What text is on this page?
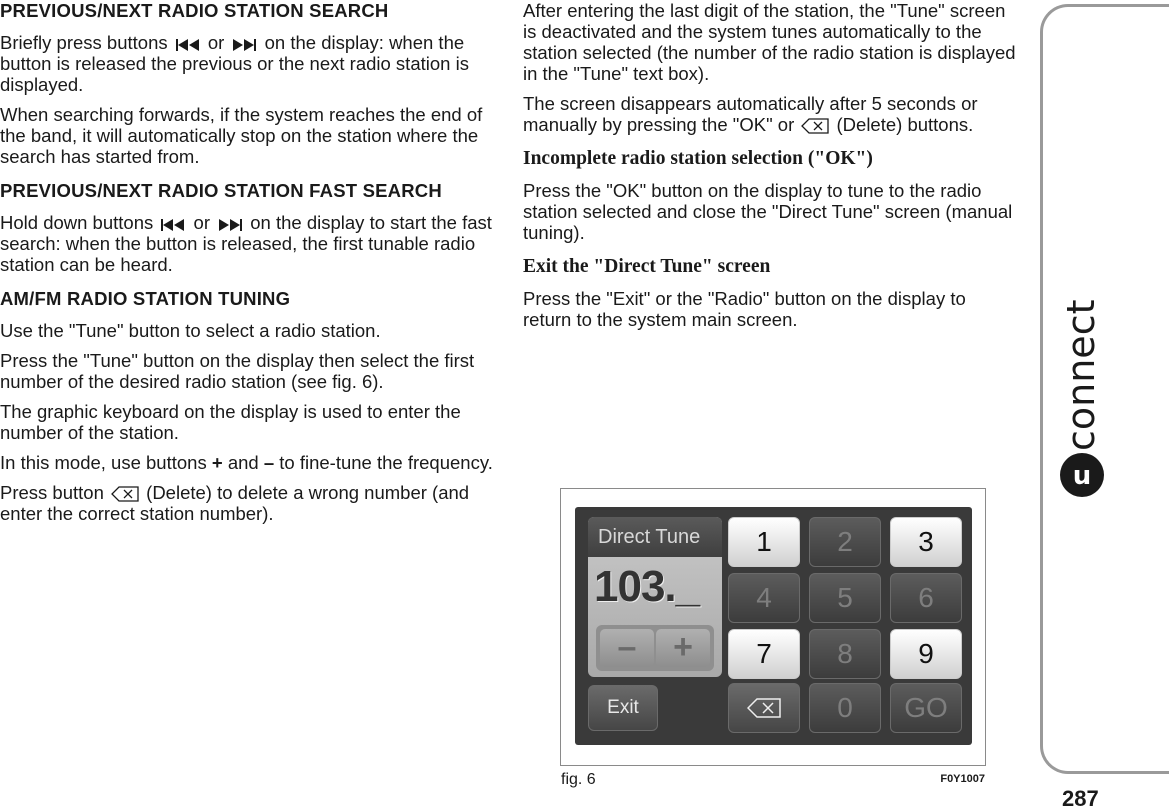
PREVIOUS/NEXT RADIO STATION SEARCH

Briefly press buttons or on the display: when the button is released the previous or the next radio station is displayed.

When searching forwards, if the system reaches the end of the band, it will automatically stop on the station where the search has started from.

PREVIOUS/NEXT RADIO STATION FAST SEARCH

Hold down buttons or on the display to start the fast search: when the button is released, the first tunable radio station can be heard.

AM/FM RADIO STATION TUNING

Use the "Tune" button to select a radio station.

Press the "Tune" button on the display then select the first number of the desired radio station (see fig. 6).

The graphic keyboard on the display is used to enter the number of the station.

In this mode, use buttons + and – to fine-tune the frequency.

Press button (Delete) to delete a wrong number (and enter the correct station number).

After entering the last digit of the station, the "Tune" screen is deactivated and the system tunes automatically to the station selected (the number of the radio station is displayed in the "Tune" text box).

The screen disappears automatically after 5 seconds or manually by pressing the "OK" or (Delete) buttons.

Incomplete radio station selection ("OK")

Press the "OK" button on the display to tune to the radio station selected and close the "Direct Tune" screen (manual tuning).

Exit the "Direct Tune" screen

Press the "Exit" or the "Radio" button on the display to return to the system main screen.

Direct Tune
103._
–	+
1	2	3
4	5	6
7	8	9
Exit	0	GO
fig. 6	F0Y1007
u
connect
287
